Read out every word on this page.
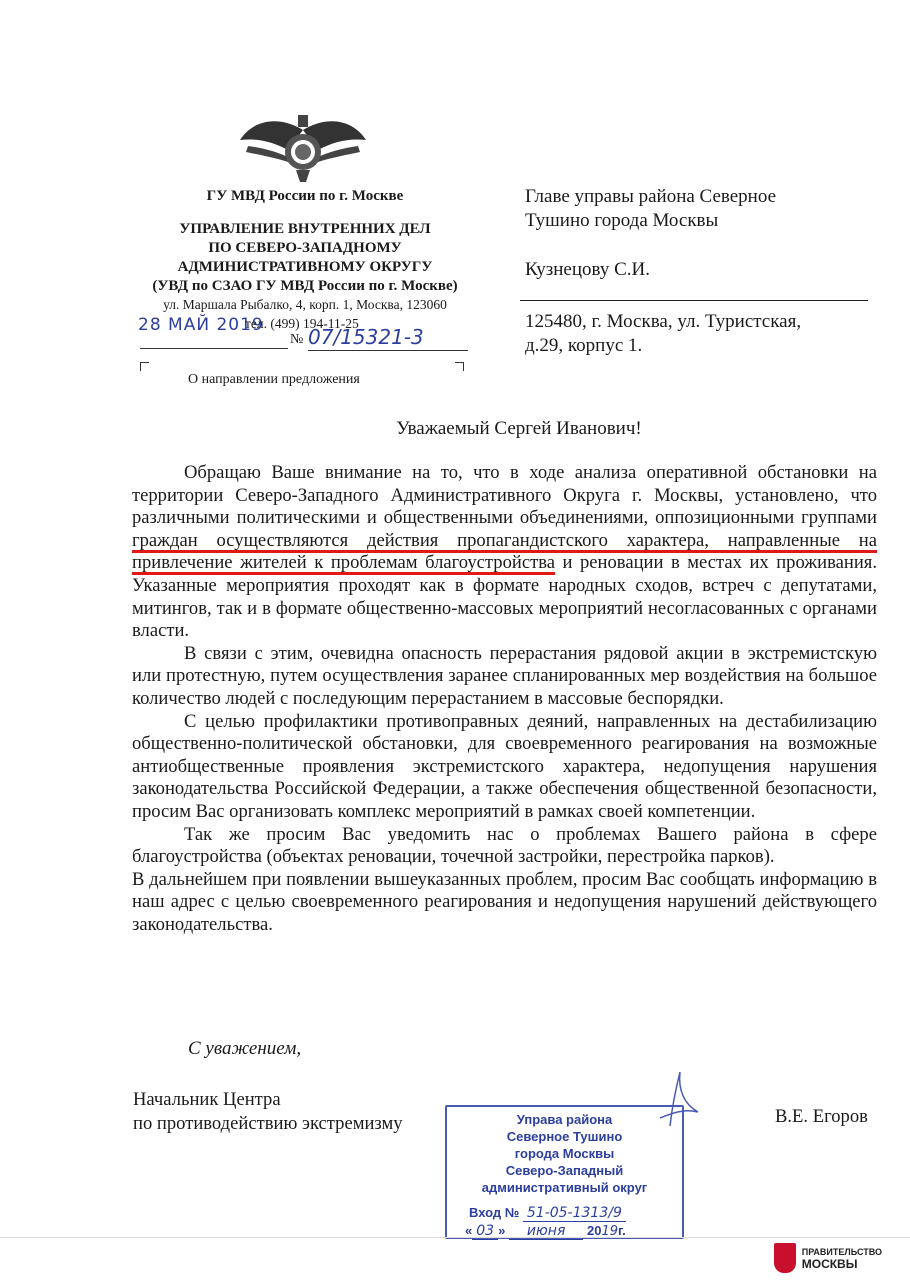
ГУ МВД России по г. Москве
УПРАВЛЕНИЕ ВНУТРЕННИХ ДЕЛ
ПО СЕВЕРО-ЗАПАДНОМУ
АДМИНИСТРАТИВНОМУ ОКРУГУ
(УВД по СЗАО ГУ МВД России по г. Москве)
ул. Маршала Рыбалко, 4, корп. 1, Москва, 123060
28 МАЙ 2019
тел. (499) 194-11-25
№ 07/15321-3
О направлении предложения
Главе управы района Северное
Тушино города Москвы
Кузнецову С.И.
125480, г. Москва, ул. Туристская,
д.29, корпус 1.
Уважаемый Сергей Иванович!

Обращаю Ваше внимание на то, что в ходе анализа оперативной обстановки на территории Северо-Западного Административного Округа г. Москвы, установлено, что различными политическими и общественными объединениями, оппозиционными группами граждан осуществляются действия пропагандистского характера, направленные на привлечение жителей к проблемам благоустройства и реновации в местах их проживания. Указанные мероприятия проходят как в формате народных сходов, встреч с депутатами, митингов, так и в формате общественно-массовых мероприятий несогласованных с органами власти.

В связи с этим, очевидна опасность перерастания рядовой акции в экстремистскую или протестную, путем осуществления заранее спланированных мер воздействия на большое количество людей с последующим перерастанием в массовые беспорядки.

С целью профилактики противоправных деяний, направленных на дестабилизацию общественно-политической обстановки, для своевременного реагирования на возможные антиобщественные проявления экстремистского характера, недопущения нарушения законодательства Российской Федерации, а также обеспечения общественной безопасности, просим Вас организовать комплекс мероприятий в рамках своей компетенции.

Так же просим Вас уведомить нас о проблемах Вашего района в сфере благоустройства (объектах реновации, точечной застройки, перестройка парков).

В дальнейшем при появлении вышеуказанных проблем, просим Вас сообщать информацию в наш адрес с целью своевременного реагирования и недопущения нарушений действующего законодательства.

С уважением,
Начальник Центра
по противодействию экстремизму	В.Е. Егоров
Управа района
Северное Тушино
города Москвы
Северо-Западный
административный округ
Вход № 51-05-1313/9
« 03 » июня 2019г.
ПРАВИТЕЛЬСТВО
МОСКВЫ
